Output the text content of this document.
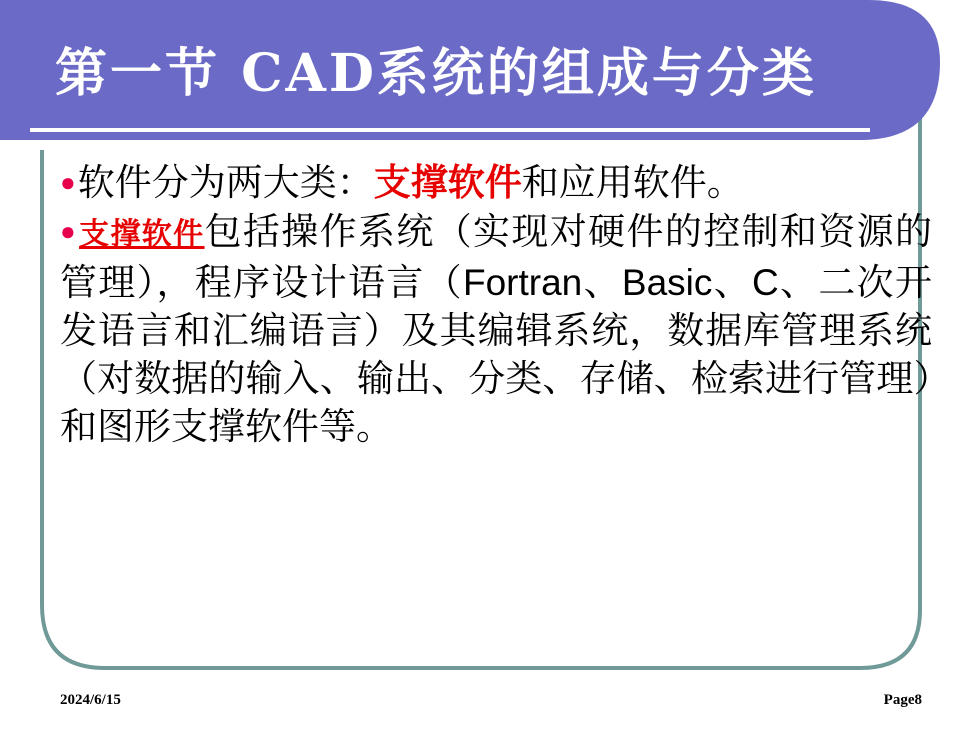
第一节 CAD系统的组成与分类

●软件分为两大类：支撑软件和应用软件。

●支撑软件包括操作系统（实现对硬件的控制和资源的管理），程序设计语言（Fortran、Basic、C、二次开发语言和汇编语言）及其编辑系统，数据库管理系统（对数据的输入、输出、分类、存储、检索进行管理）和图形支撑软件等。

2024/6/15	Page8
